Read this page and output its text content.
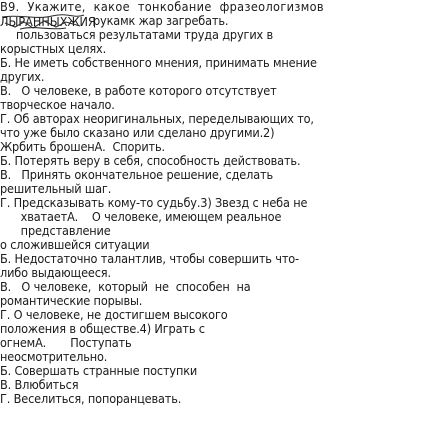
В9.  Укажите,  какое  тонкобание  фразеологизмов
ЛЫРАННЫХЖИЯ
рукамк жар загребать.
пользоваться результатами труда других в
корыстных целях.
Б. Не иметь собственного мнения, принимать мнение
других.
В.   О человеке, в работе которого отсутствует
творческое начало.
Г. Об авторах неоригинальных, переделывающих то,
что уже было сказано или сделано другими.2)
Жрбить брошенА.  Спорить.
Б. Потерять веру в себя, способность действовать.
В.   Принять окончательное решение, сделать
решительный шаг.
Г. Предсказывать кому-то судьбу.3) Звезд с неба не
хватаетА.    О человеке, имеющем реальное
представление
о сложившейся ситуации
Б. Недостаточно талантлив, чтобы совершить что-
либо выдающееся.
В.   О человеке,  который  не  способен  на
романтические порывы.
Г. О человеке, не достигшем высокого
положения в обществе.4) Играть с
огнемА.       Поступать
неосмотрительно.
Б. Совершать странные поступки
В. Влюбиться
Г. Веселиться, попоранцевать.
